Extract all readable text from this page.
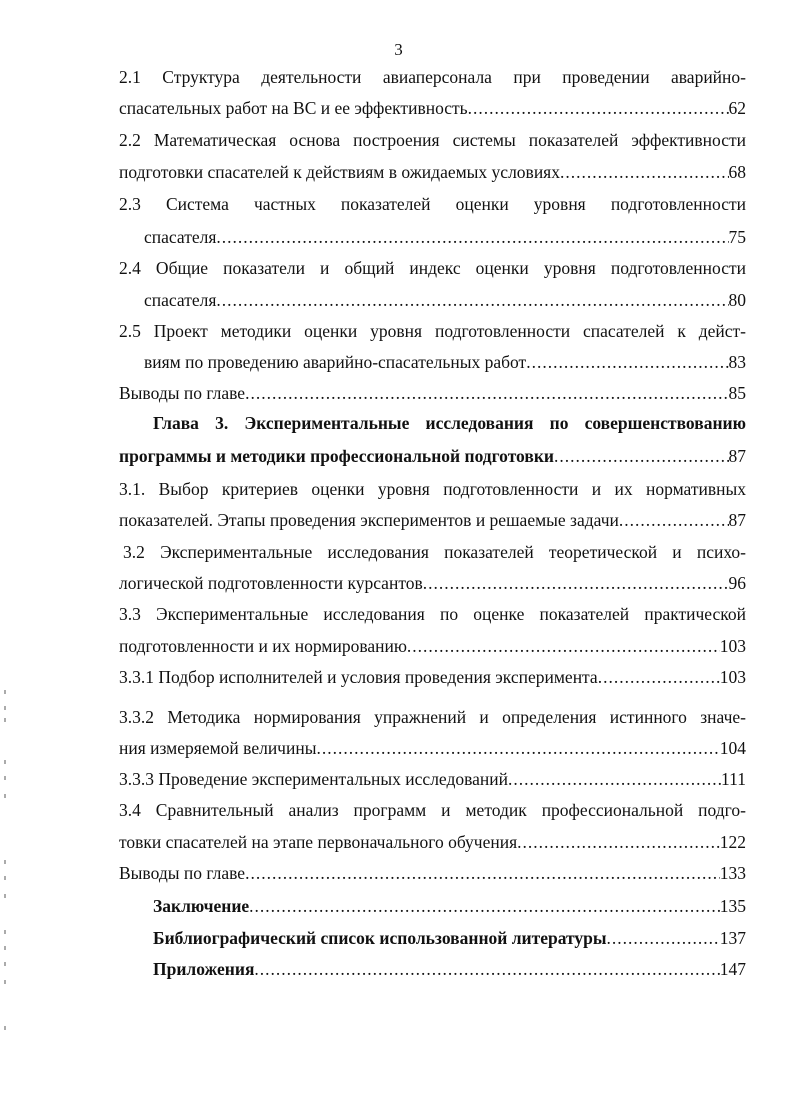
3
2.1 Структура деятельности авиаперсонала при проведении аварийно-
спасательных работ на ВС и ее эффективность .....	62
2.2 Математическая основа построения системы показателей эффективности
подготовки спасателей к действиям в ожидаемых условиях .....	68
2.3 Система частных показателей оценки уровня подготовленности
спасателя .....	75
2.4 Общие показатели и общий индекс оценки уровня подготовленности
спасателя .....	80
2.5 Проект методики оценки уровня подготовленности спасателей к дейст-
виям по проведению аварийно-спасательных работ .....	83
Выводы по главе .....	85
Глава 3. Экспериментальные исследования по совершенствованию
программы и методики профессиональной подготовки .....	87
3.1. Выбор критериев оценки уровня подготовленности и их нормативных
показателей. Этапы проведения экспериментов и решаемые задачи .....	87
3.2 Экспериментальные исследования показателей теоретической и психо-
логической подготовленности курсантов .....	96
3.3 Экспериментальные исследования по оценке показателей практической
подготовленности и их нормированию .....	103
3.3.1 Подбор исполнителей и условия проведения эксперимента .....	103
3.3.2 Методика нормирования упражнений и определения истинного значе-
ния измеряемой величины .....	104
3.3.3 Проведение экспериментальных исследований .....	111
3.4 Сравнительный анализ программ и методик профессиональной подго-
товки спасателей на этапе первоначального обучения .....	122
Выводы по главе .....	133
Заключение .....	135
Библиографический список использованной литературы .....	137
Приложения .....	147
